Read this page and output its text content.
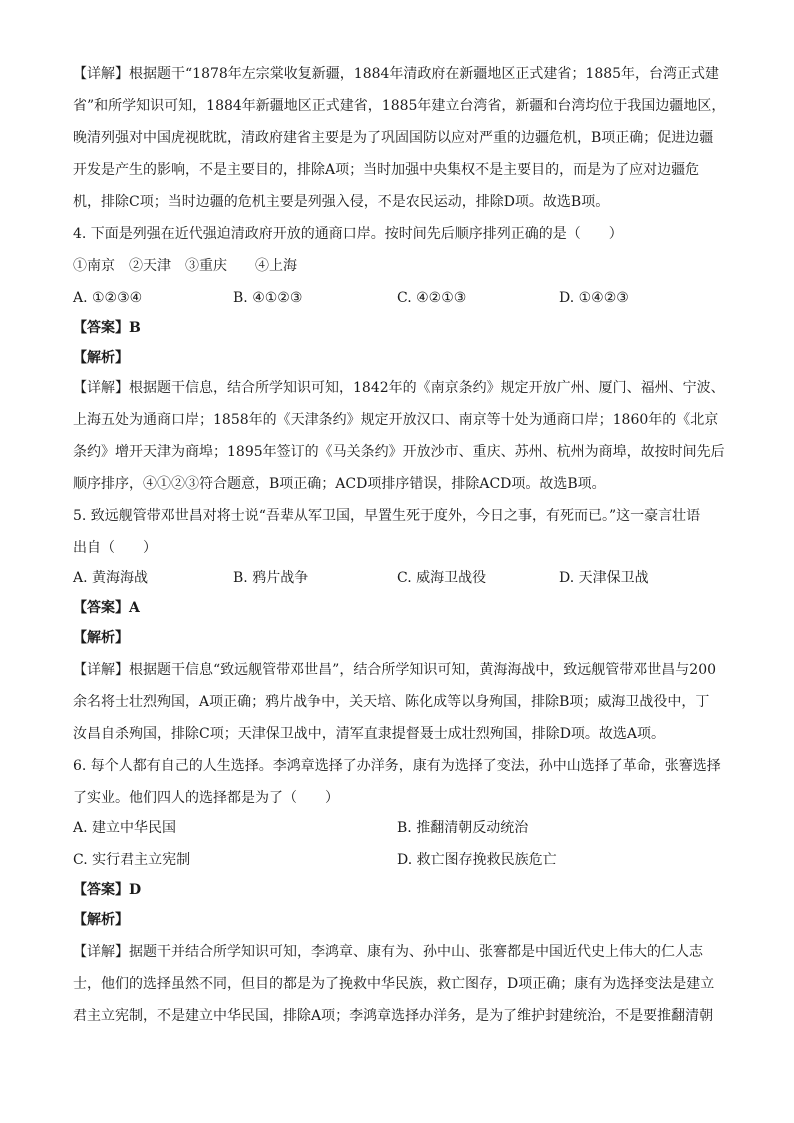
【详解】根据题干“1878年左宗棠收复新疆，1884年清政府在新疆地区正式建省；1885年，台湾正式建
省”和所学知识可知，1884年新疆地区正式建省，1885年建立台湾省，新疆和台湾均位于我国边疆地区，
晚清列强对中国虎视眈眈，清政府建省主要是为了巩固国防以应对严重的边疆危机，B项正确；促进边疆
开发是产生的影响，不是主要目的，排除A项；当时加强中央集权不是主要目的，而是为了应对边疆危
机，排除C项；当时边疆的危机主要是列强入侵，不是农民运动，排除D项。故选B项。
4. 下面是列强在近代强迫清政府开放的通商口岸。按时间先后顺序排列正确的是（　　）
①南京　②天津　③重庆　　④上海
A. ①②③④	B. ④①②③	C. ④②①③	D. ①④②③
【答案】B
【解析】
【详解】根据题干信息，结合所学知识可知，1842年的《南京条约》规定开放广州、厦门、福州、宁波、
上海五处为通商口岸；1858年的《天津条约》规定开放汉口、南京等十处为通商口岸；1860年的《北京
条约》增开天津为商埠；1895年签订的《马关条约》开放沙市、重庆、苏州、杭州为商埠，故按时间先后
顺序排序，④①②③符合题意，B项正确；ACD项排序错误，排除ACD项。故选B项。
5. 致远舰管带邓世昌对将士说“吾辈从军卫国，早置生死于度外，今日之事，有死而已。”这一豪言壮语
出自（　　）
A. 黄海海战	B. 鸦片战争	C. 威海卫战役	D. 天津保卫战
【答案】A
【解析】
【详解】根据题干信息“致远舰管带邓世昌”，结合所学知识可知，黄海海战中，致远舰管带邓世昌与200
余名将士壮烈殉国，A项正确；鸦片战争中，关天培、陈化成等以身殉国，排除B项；威海卫战役中，丁
汝昌自杀殉国，排除C项；天津保卫战中，清军直隶提督聂士成壮烈殉国，排除D项。故选A项。
6. 每个人都有自己的人生选择。李鸿章选择了办洋务，康有为选择了变法，孙中山选择了革命，张謇选择
了实业。他们四人的选择都是为了（　　）
A. 建立中华民国	B. 推翻清朝反动统治
C. 实行君主立宪制	D. 救亡图存挽救民族危亡
【答案】D
【解析】
【详解】据题干并结合所学知识可知，李鸿章、康有为、孙中山、张謇都是中国近代史上伟大的仁人志
士，他们的选择虽然不同，但目的都是为了挽救中华民族，救亡图存，D项正确；康有为选择变法是建立
君主立宪制，不是建立中华民国，排除A项；李鸿章选择办洋务，是为了维护封建统治，不是要推翻清朝
